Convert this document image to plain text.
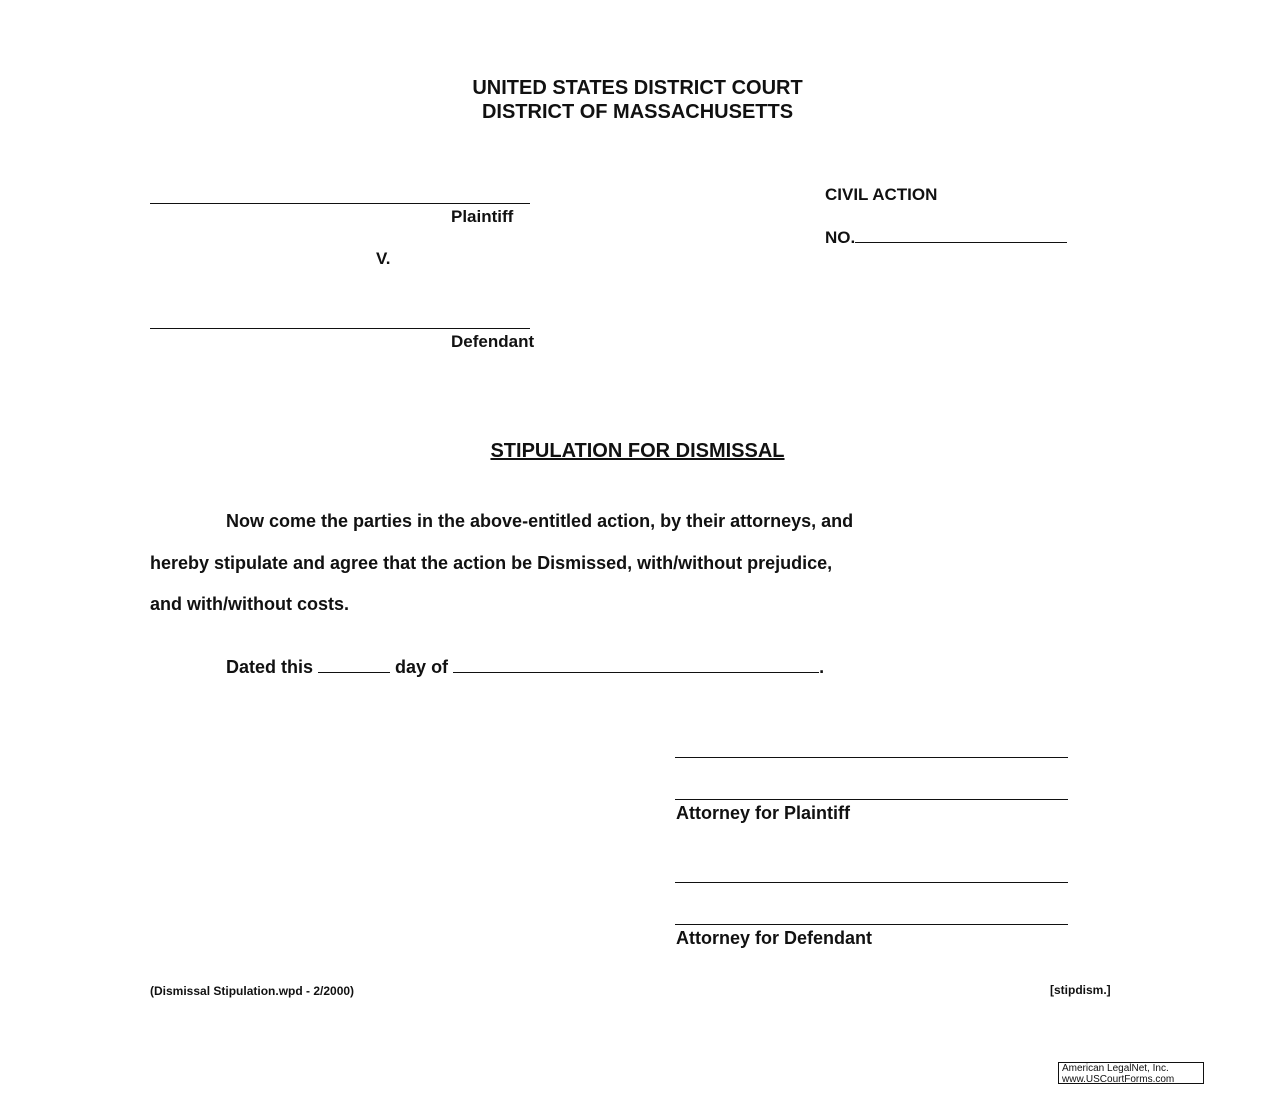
UNITED STATES DISTRICT COURT
DISTRICT OF MASSACHUSETTS
Plaintiff
V.
Defendant
CIVIL ACTION
NO.
STIPULATION FOR DISMISSAL
Now come the parties in the above-entitled action, by their attorneys, and
hereby stipulate and agree that the action be Dismissed, with/without prejudice,
and with/without costs.
Dated this	day of	.
Attorney for Plaintiff
Attorney for Defendant
(Dismissal Stipulation.wpd - 2/2000)	[stipdism.]
American LegalNet, Inc.
www.USCourtForms.com
